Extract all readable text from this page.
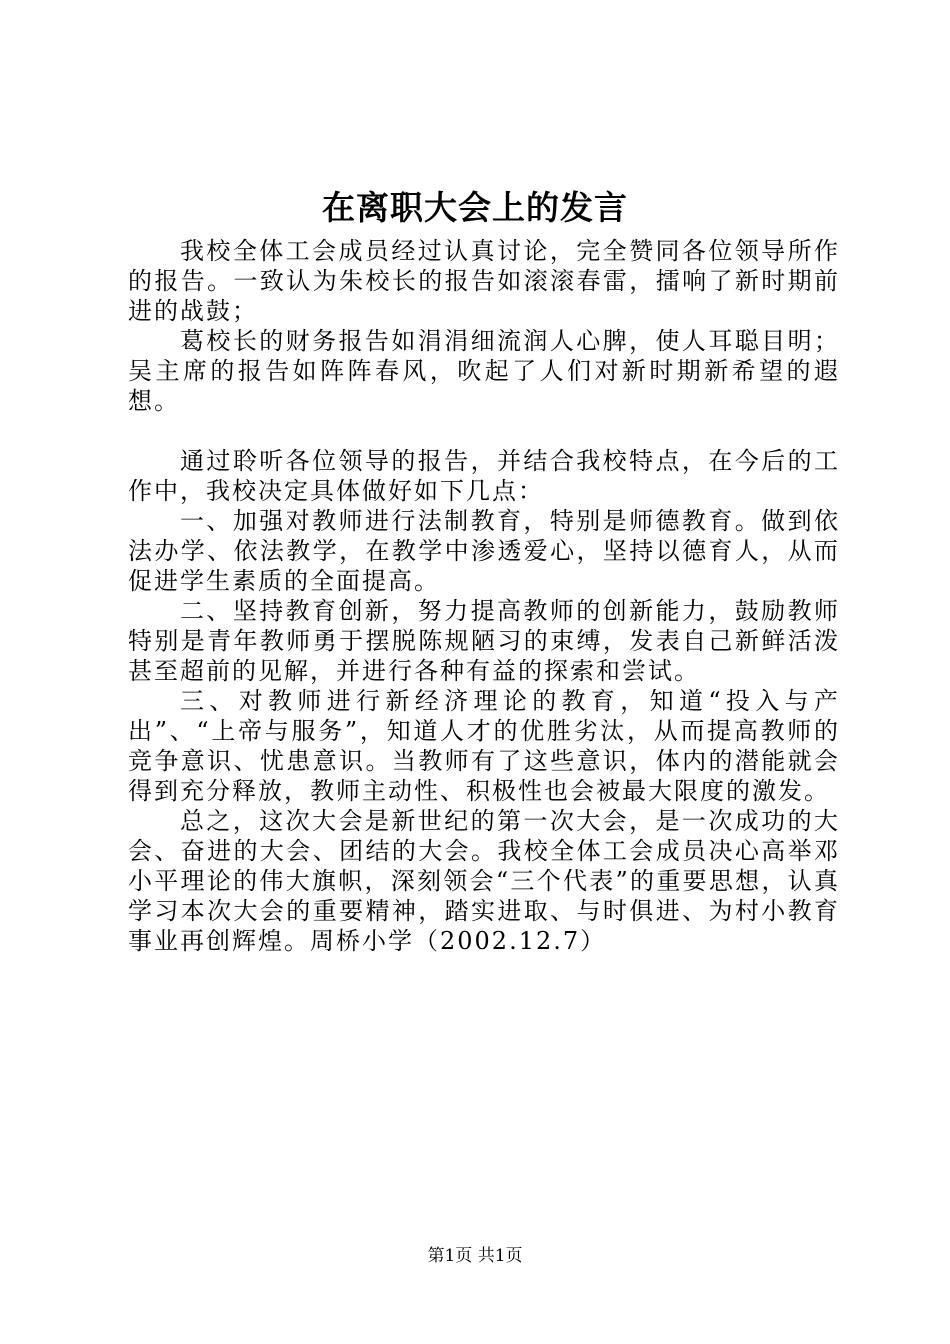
在离职大会上的发言

我校全体工会成员经过认真讨论，完全赞同各位领导所作的报告。一致认为朱校长的报告如滚滚春雷，擂响了新时期前进的战鼓；

葛校长的财务报告如涓涓细流润人心脾，使人耳聪目明；吴主席的报告如阵阵春风，吹起了人们对新时期新希望的遐想。

通过聆听各位领导的报告，并结合我校特点，在今后的工作中，我校决定具体做好如下几点：

一、加强对教师进行法制教育，特别是师德教育。做到依法办学、依法教学，在教学中渗透爱心，坚持以德育人，从而促进学生素质的全面提高。

二、坚持教育创新，努力提高教师的创新能力，鼓励教师特别是青年教师勇于摆脱陈规陋习的束缚，发表自己新鲜活泼甚至超前的见解，并进行各种有益的探索和尝试。

三、对教师进行新经济理论的教育，知道“投入与产出”、“上帝与服务”，知道人才的优胜劣汰，从而提高教师的竞争意识、忧患意识。当教师有了这些意识，体内的潜能就会得到充分释放，教师主动性、积极性也会被最大限度的激发。

总之，这次大会是新世纪的第一次大会，是一次成功的大会、奋进的大会、团结的大会。我校全体工会成员决心高举邓小平理论的伟大旗帜，深刻领会“三个代表”的重要思想，认真学习本次大会的重要精神，踏实进取、与时俱进、为村小教育事业再创辉煌。周桥小学（2002.12.7）

第1页 共1页
